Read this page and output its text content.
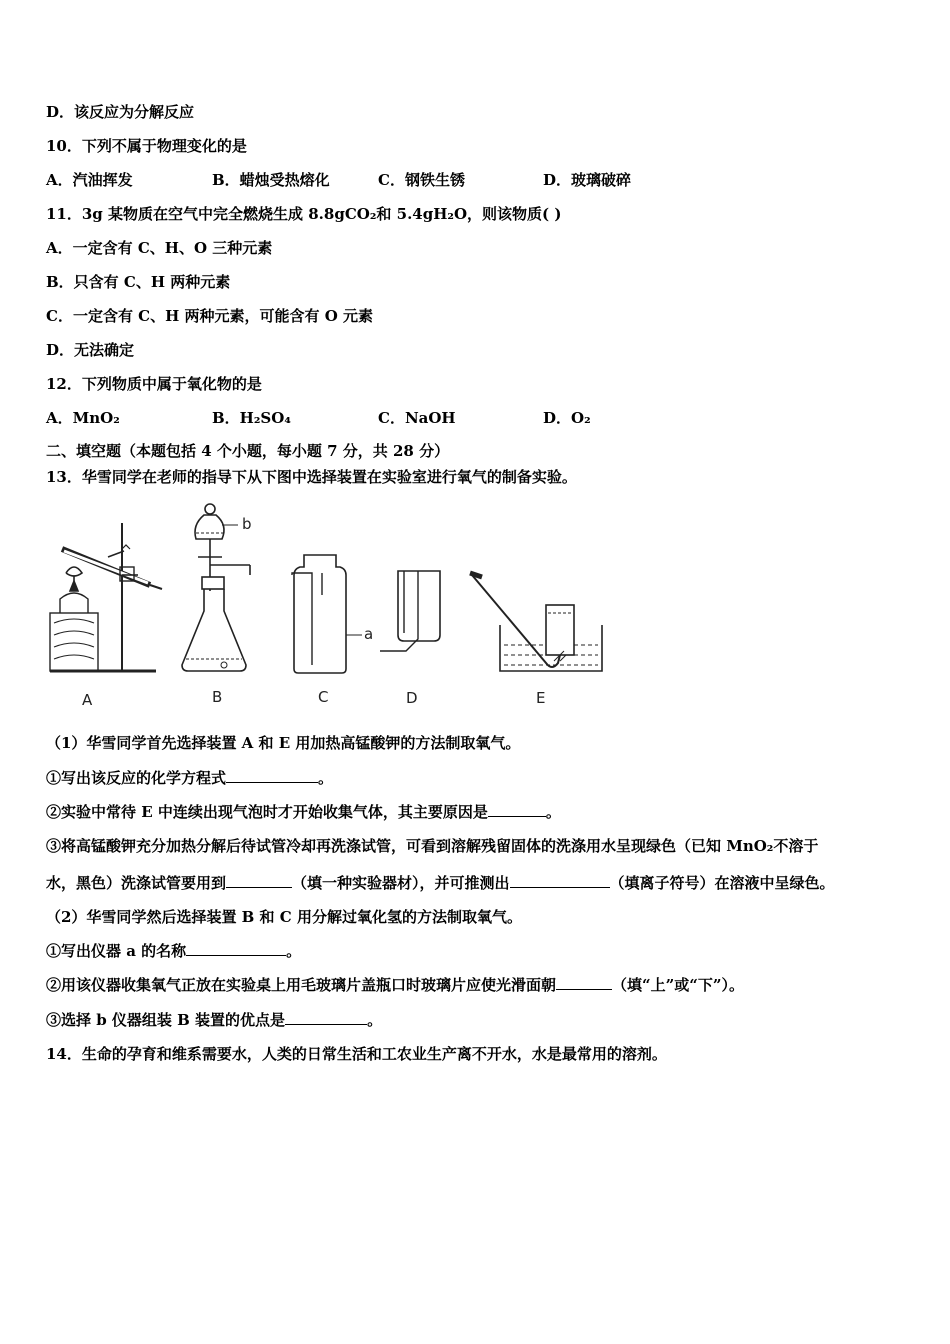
D．该反应为分解反应
10．下列不属于物理变化的是
A．汽油挥发	B．蜡烛受热熔化	C．钢铁生锈	D．玻璃破碎
11．3g 某物质在空气中完全燃烧生成 8.8gCO₂和 5.4gH₂O，则该物质( )
A．一定含有 C、H、O 三种元素
B．只含有 C、H 两种元素
C．一定含有 C、H 两种元素，可能含有 O 元素
D．无法确定
12．下列物质中属于氧化物的是
A．MnO₂	B．H₂SO₄	C．NaOH	D．O₂
二、填空题（本题包括 4 个小题，每小题 7 分，共 28 分）
13．华雪同学在老师的指导下从下图中选择装置在实验室进行氧气的制备实验。
b
a
A	B	C	D	E
（1）华雪同学首先选择装置 A 和 E 用加热高锰酸钾的方法制取氧气。
①写出该反应的化学方程式	。
②实验中常待 E 中连续出现气泡时才开始收集气体，其主要原因是	。
③将高锰酸钾充分加热分解后待试管冷却再洗涤试管，可看到溶解残留固体的洗涤用水呈现绿色（已知 MnO₂不溶于
水，黑色）洗涤试管要用到	（填一种实验器材），并可推测出	（填离子符号）在溶液中呈绿色。
（2）华雪同学然后选择装置 B 和 C 用分解过氧化氢的方法制取氧气。
①写出仪器 a 的名称	。
②用该仪器收集氧气正放在实验桌上用毛玻璃片盖瓶口时玻璃片应使光滑面朝	（填“上”或“下”）。
③选择 b 仪器组装 B 装置的优点是	。
14．生命的孕育和维系需要水，人类的日常生活和工农业生产离不开水，水是最常用的溶剂。
